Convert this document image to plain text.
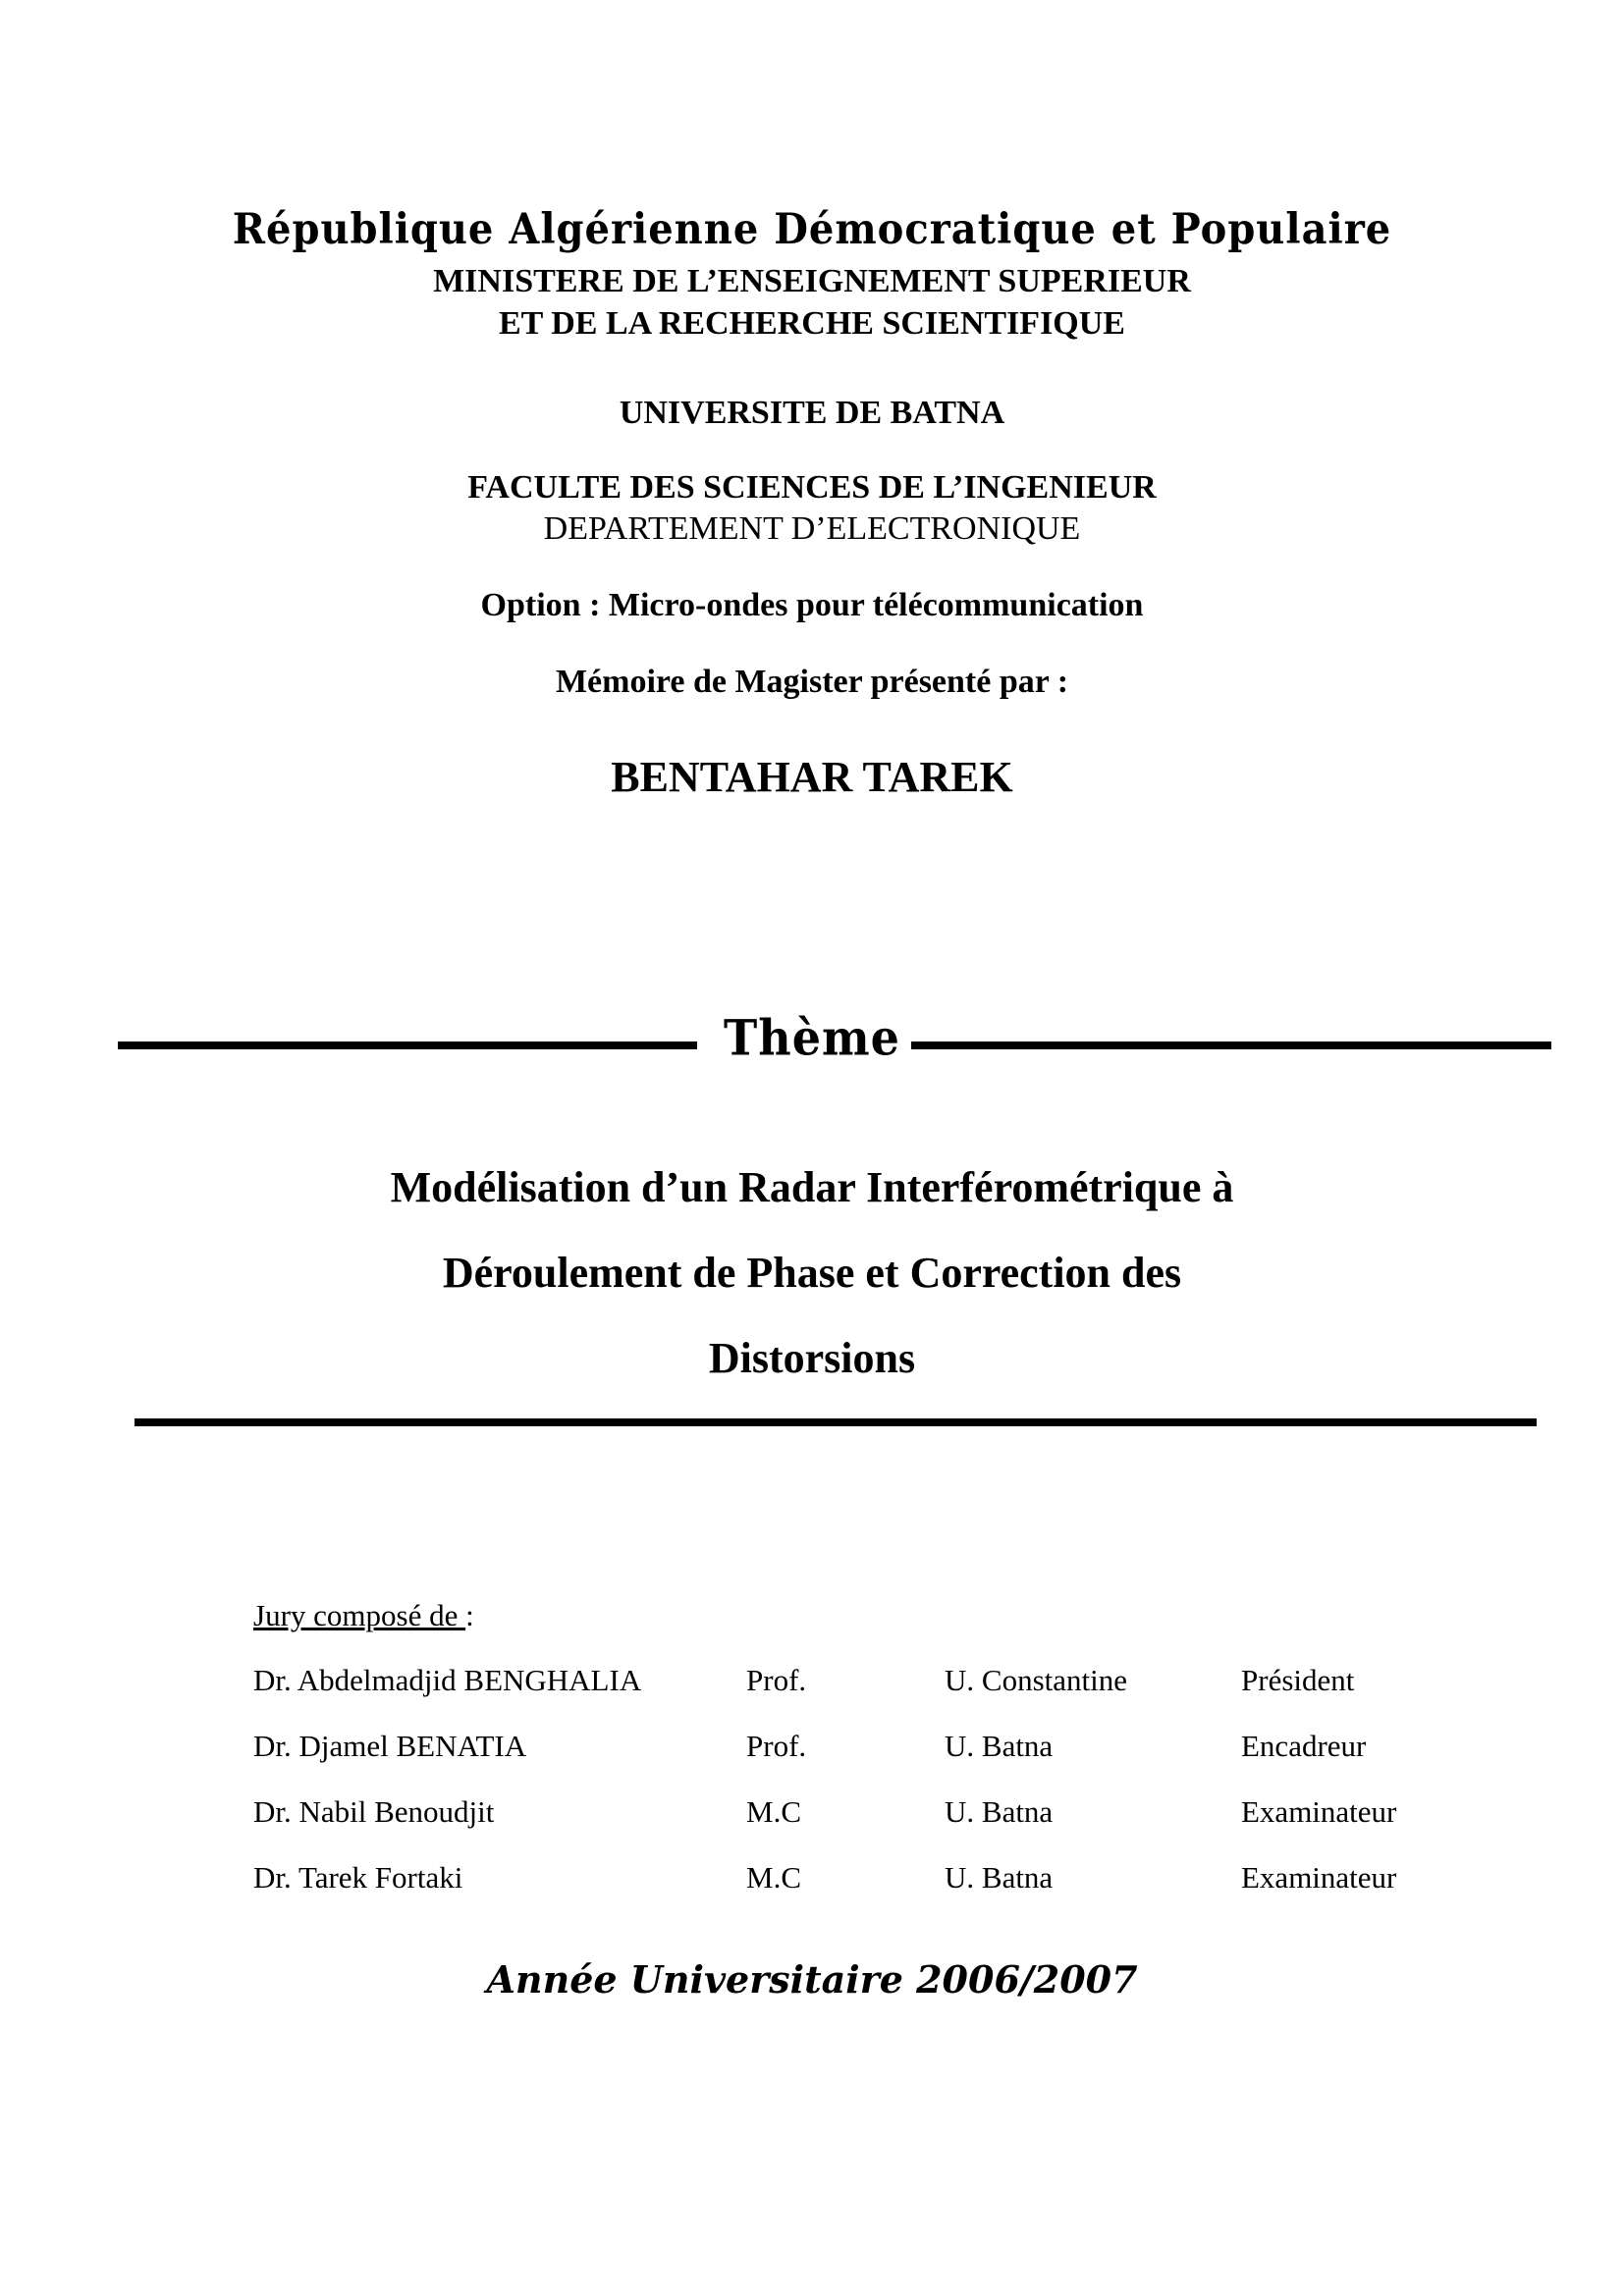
République Algérienne Démocratique et Populaire
MINISTERE DE L’ENSEIGNEMENT SUPERIEUR
ET DE LA RECHERCHE SCIENTIFIQUE
UNIVERSITE DE BATNA
FACULTE DES SCIENCES DE L’INGENIEUR
DEPARTEMENT D’ELECTRONIQUE
Option : Micro-ondes pour télécommunication
Mémoire de Magister présenté par :
BENTAHAR TAREK
Thème
Modélisation d’un Radar Interférométrique à
Déroulement de Phase et Correction des
Distorsions
Jury composé de :
Dr. Abdelmadjid BENGHALIA	Prof.	U. Constantine	Président
Dr. Djamel BENATIA	Prof.	U. Batna	Encadreur
Dr. Nabil Benoudjit	M.C	U. Batna	Examinateur
Dr. Tarek Fortaki	M.C	U. Batna	Examinateur
Année Universitaire 2006/2007
